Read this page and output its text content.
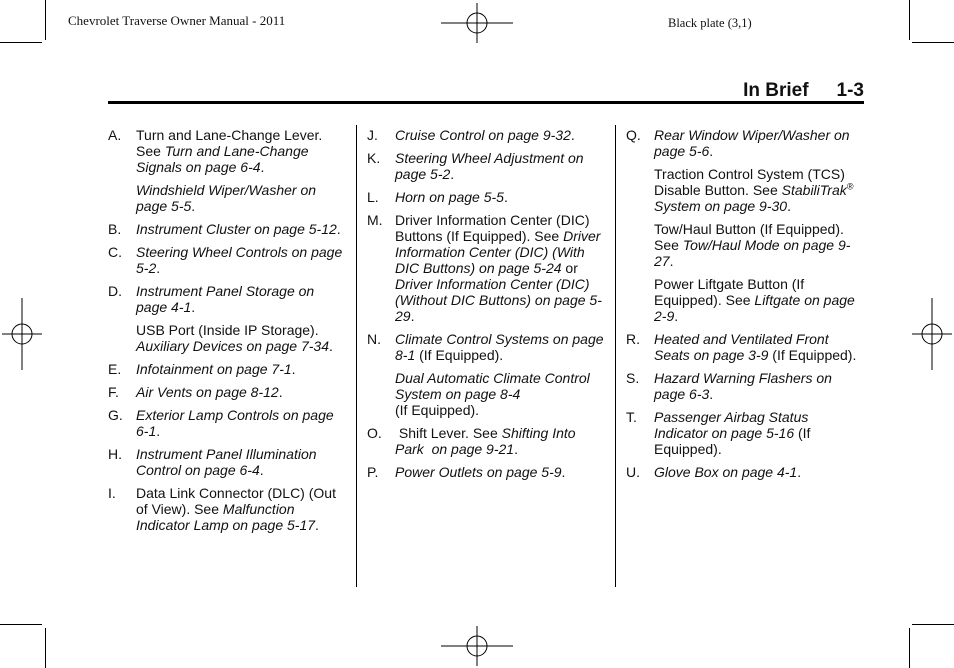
Chevrolet Traverse Owner Manual - 2011	Black plate (3,1)
In Brief 1-3
A.	Turn and Lane-Change Lever.
See Turn and Lane-Change Signals on page 6-4.
Windshield Wiper/Washer on page 5-5.
B.	Instrument Cluster on page 5-12.
C.	Steering Wheel Controls on page 5-2.
D.	Instrument Panel Storage on page 4-1.
USB Port (Inside IP Storage).
Auxiliary Devices on page 7-34.
E.	Infotainment on page 7-1.
F.	Air Vents on page 8-12.
G. Exterior Lamp Controls on page 6-1.
H.	Instrument Panel Illumination Control on page 6-4.
I.	Data Link Connector (DLC) (Out of View). See Malfunction Indicator Lamp on page 5-17.
J.	Cruise Control on page 9-32.
K.	Steering Wheel Adjustment on page 5-2.
L.	Horn on page 5-5.
M. Driver Information Center (DIC) Buttons (If Equipped). See Driver Information Center (DIC) (With DIC Buttons) on page 5-24 or Driver Information Center (DIC) (Without DIC Buttons) on page 5-29.
N.	Climate Control Systems on page 8-1 (If Equipped).
Dual Automatic Climate Control System on page 8-4
(If Equipped).
O. Shift Lever. See Shifting Into Park  on page 9-21.
P.	Power Outlets on page 5-9.
Q. Rear Window Wiper/Washer on page 5-6.
Traction Control System (TCS) Disable Button. See StabiliTrak® System on page 9-30.
Tow/Haul Button (If Equipped). See Tow/Haul Mode on page 9-27.
Power Liftgate Button (If Equipped). See Liftgate on page 2-9.
R.	Heated and Ventilated Front Seats on page 3-9 (If Equipped).
S.	Hazard Warning Flashers on page 6-3.
T.	Passenger Airbag Status Indicator on page 5-16 (If Equipped).
U.	Glove Box on page 4-1.
